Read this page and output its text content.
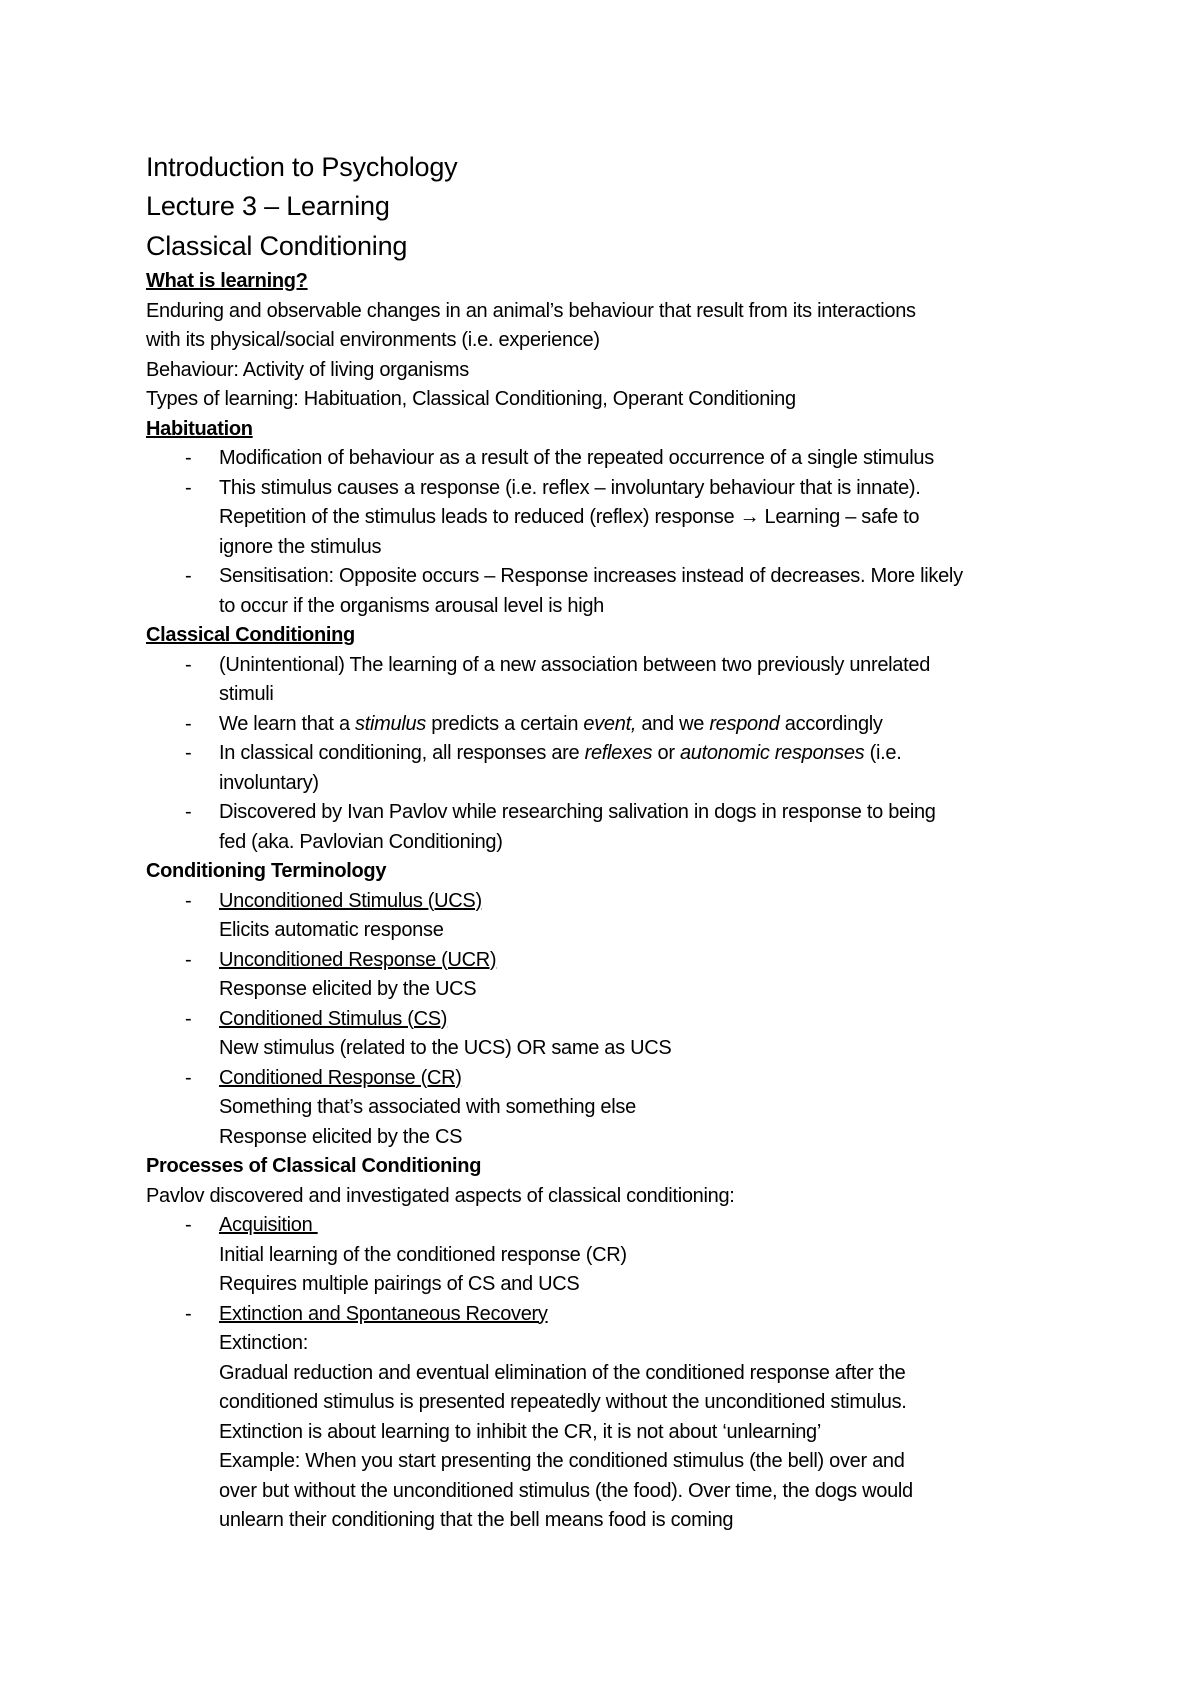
Introduction to Psychology
Lecture 3 – Learning
Classical Conditioning
What is learning?
Enduring and observable changes in an animal’s behaviour that result from its interactions
with its physical/social environments (i.e. experience)
Behaviour: Activity of living organisms
Types of learning: Habituation, Classical Conditioning, Operant Conditioning
Habituation
- Modification of behaviour as a result of the repeated occurrence of a single stimulus
- This stimulus causes a response (i.e. reflex – involuntary behaviour that is innate).
Repetition of the stimulus leads to reduced (reflex) response → Learning – safe to
ignore the stimulus
- Sensitisation: Opposite occurs – Response increases instead of decreases. More likely
to occur if the organisms arousal level is high
Classical Conditioning
- (Unintentional) The learning of a new association between two previously unrelated
stimuli
- We learn that a stimulus predicts a certain event, and we respond accordingly
- In classical conditioning, all responses are reflexes or autonomic responses (i.e.
involuntary)
- Discovered by Ivan Pavlov while researching salivation in dogs in response to being
fed (aka. Pavlovian Conditioning)
Conditioning Terminology
- Unconditioned Stimulus (UCS)
Elicits automatic response
- Unconditioned Response (UCR)
Response elicited by the UCS
- Conditioned Stimulus (CS)
New stimulus (related to the UCS) OR same as UCS
- Conditioned Response (CR)
Something that’s associated with something else
Response elicited by the CS
Processes of Classical Conditioning
Pavlov discovered and investigated aspects of classical conditioning:
- Acquisition
Initial learning of the conditioned response (CR)
Requires multiple pairings of CS and UCS
- Extinction and Spontaneous Recovery
Extinction:
Gradual reduction and eventual elimination of the conditioned response after the
conditioned stimulus is presented repeatedly without the unconditioned stimulus.
Extinction is about learning to inhibit the CR, it is not about ‘unlearning’
Example: When you start presenting the conditioned stimulus (the bell) over and
over but without the unconditioned stimulus (the food). Over time, the dogs would
unlearn their conditioning that the bell means food is coming
